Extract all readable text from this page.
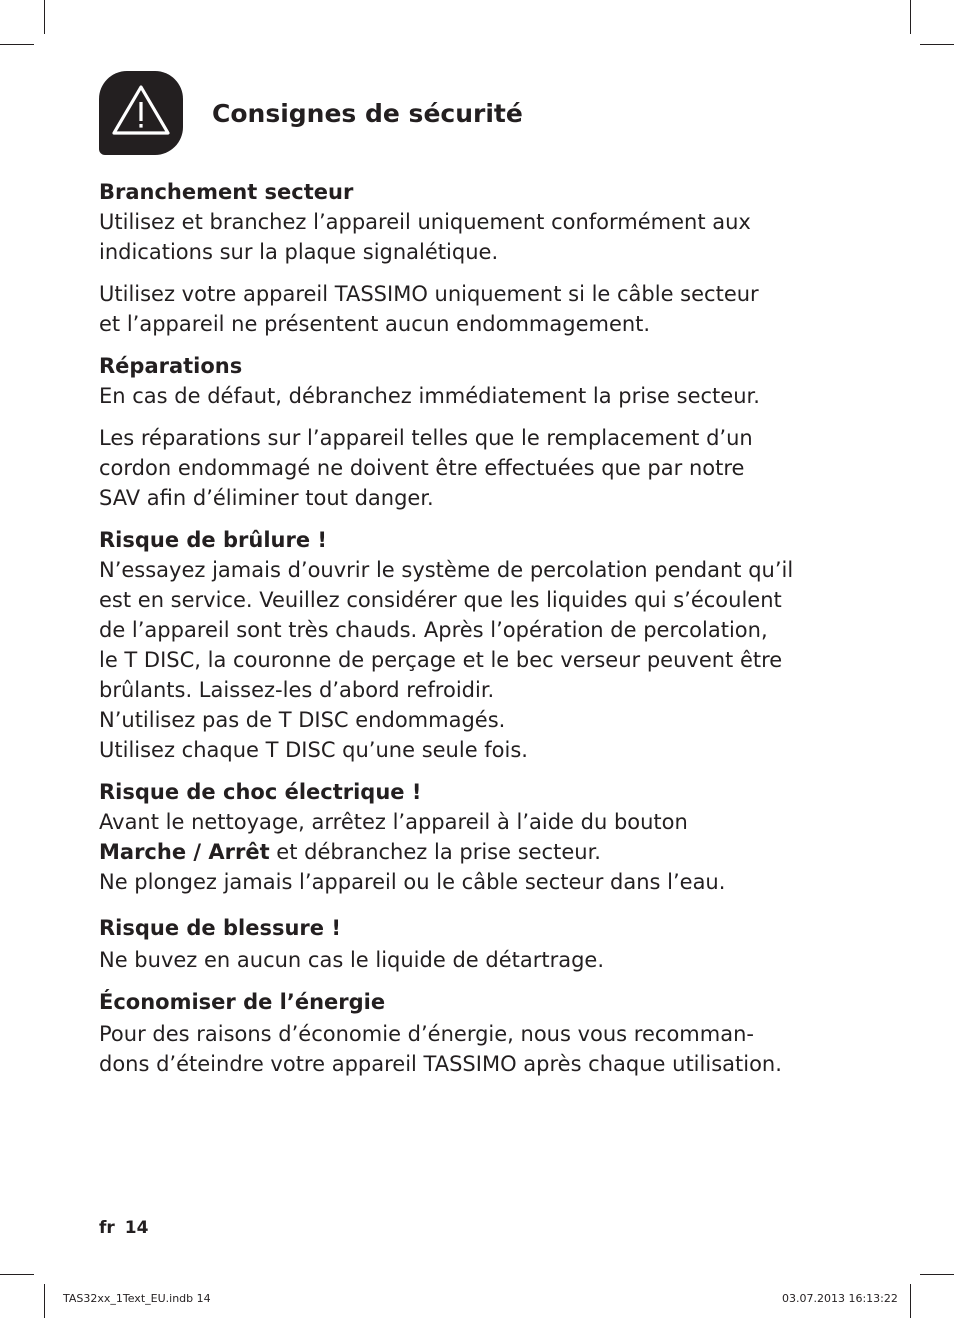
Consignes de sécurité
Branchement secteur

Utilisez et branchez l’appareil uniquement conformément aux
indications sur la plaque signalétique.

Utilisez votre appareil TASSIMO uniquement si le câble secteur
et l’appareil ne présentent aucun endommagement.

Réparations

En cas de défaut, débranchez immédiatement la prise secteur.

Les réparations sur l’appareil telles que le remplacement d’un
cordon endommagé ne doivent être effectuées que par notre
SAV afin d’éliminer tout danger.

Risque de brûlure !

N’essayez jamais d’ouvrir le système de percolation pendant qu’il
est en service. Veuillez considérer que les liquides qui s’écoulent
de l’appareil sont très chauds. Après l’opération de percolation,
le T DISC, la couronne de perçage et le bec verseur peuvent être
brûlants. Laissez-les d’abord refroidir.
N’utilisez pas de T DISC endommagés.
Utilisez chaque T DISC qu’une seule fois.

Risque de choc électrique !

Avant le nettoyage, arrêtez l’appareil à l’aide du bouton
Marche / Arrêt et débranchez la prise secteur.
Ne plongez jamais l’appareil ou le câble secteur dans l’eau.

Risque de blessure !

Ne buvez en aucun cas le liquide de détartrage.

Économiser de l’énergie

Pour des raisons d’économie d’énergie, nous vous recomman-
dons d’éteindre votre appareil TASSIMO après chaque utilisation.

fr 14
TAS32xx_1Text_EU.indb 14	03.07.2013 16:13:22
